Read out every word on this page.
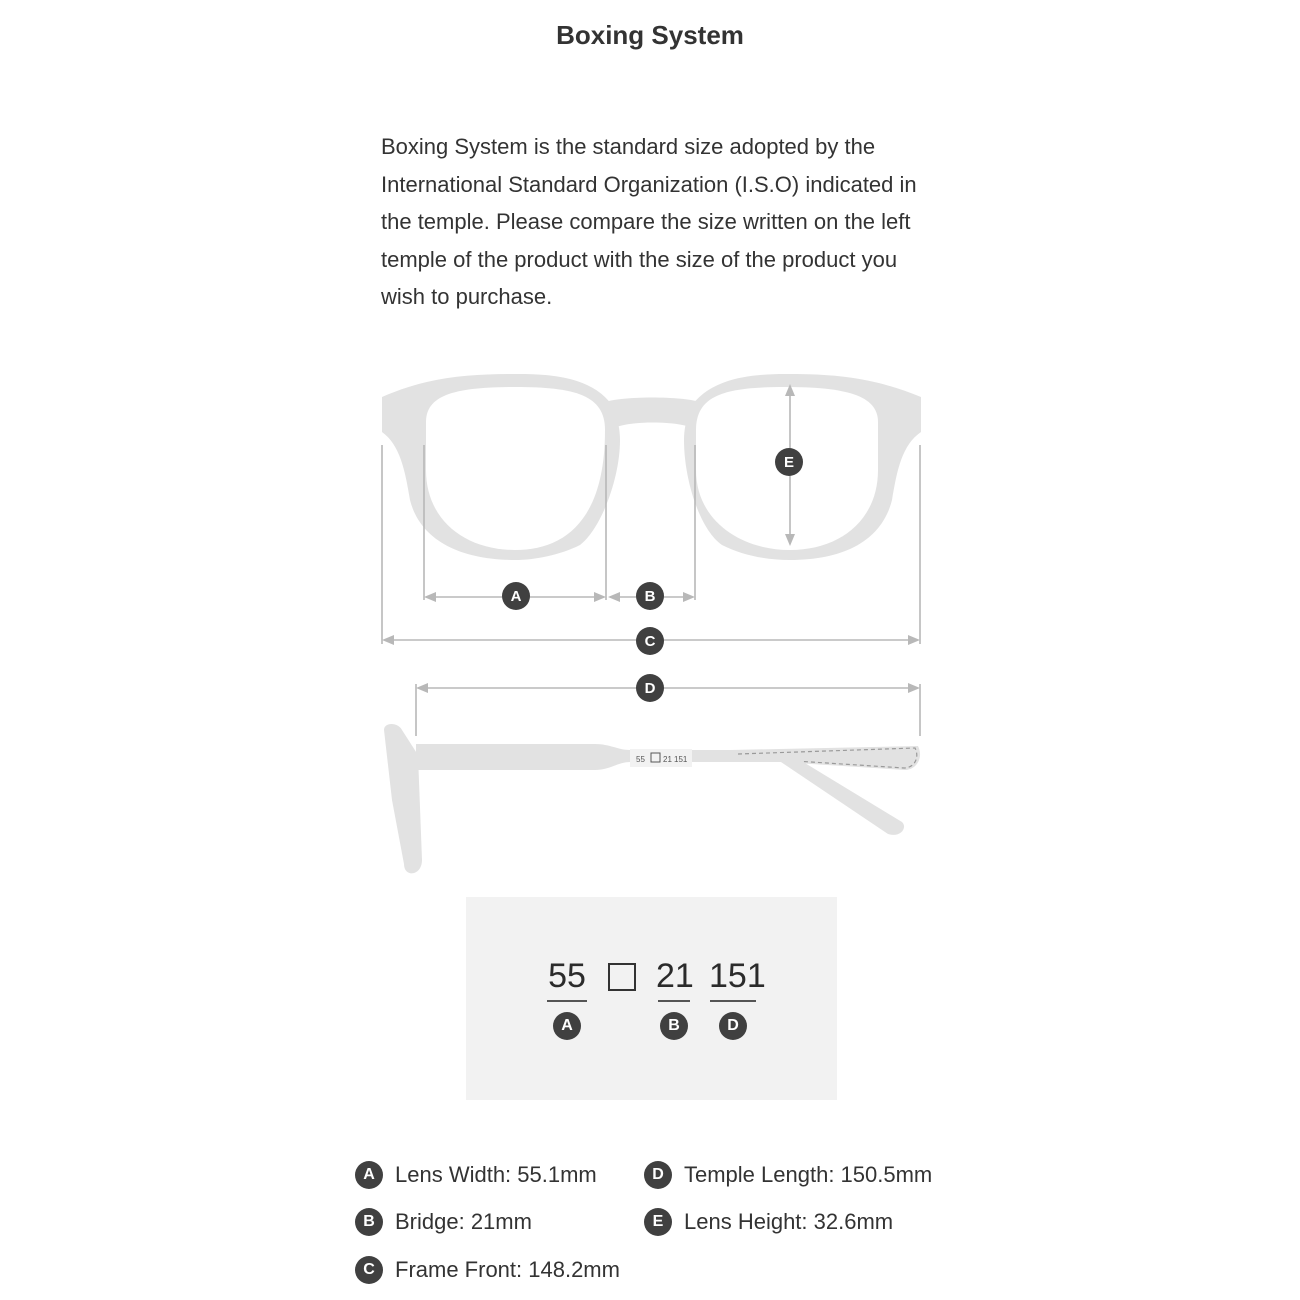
Boxing System
Boxing System is the standard size adopted by the International Standard Organization (I.S.O) indicated in the temple. Please compare the size written on the left temple of the product with the size of the product you wish to purchase.
55 21 151
A	B
C
D
E
55 21 151
A	B	D
A Lens Width: 55.1mm
B Bridge: 21mm
C Frame Front: 148.2mm
D Temple Length: 150.5mm
E Lens Height: 32.6mm
